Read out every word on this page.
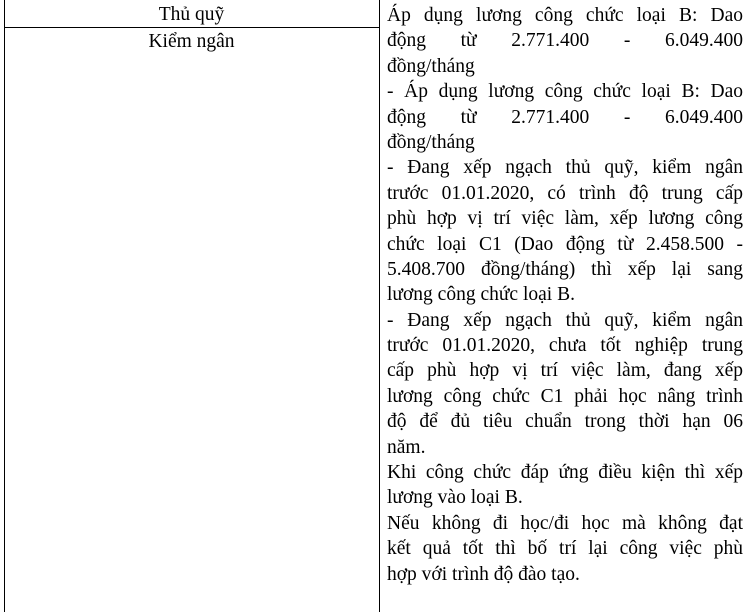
Thủ quỹ
Kiểm ngân
Áp dụng lương công chức loại B: Dao
động từ 2.771.400 - 6.049.400
đồng/tháng
- Áp dụng lương công chức loại B: Dao
động từ 2.771.400 - 6.049.400
đồng/tháng
- Đang xếp ngạch thủ quỹ, kiểm ngân
trước 01.01.2020, có trình độ trung cấp
phù hợp vị trí việc làm, xếp lương công
chức loại C1 (Dao động từ 2.458.500 -
5.408.700 đồng/tháng) thì xếp lại sang
lương công chức loại B.
- Đang xếp ngạch thủ quỹ, kiểm ngân
trước 01.01.2020, chưa tốt nghiệp trung
cấp phù hợp vị trí việc làm, đang xếp
lương công chức C1 phải học nâng trình
độ để đủ tiêu chuẩn trong thời hạn 06
năm.
Khi công chức đáp ứng điều kiện thì xếp
lương vào loại B.
Nếu không đi học/đi học mà không đạt
kết quả tốt thì bố trí lại công việc phù
hợp với trình độ đào tạo.
